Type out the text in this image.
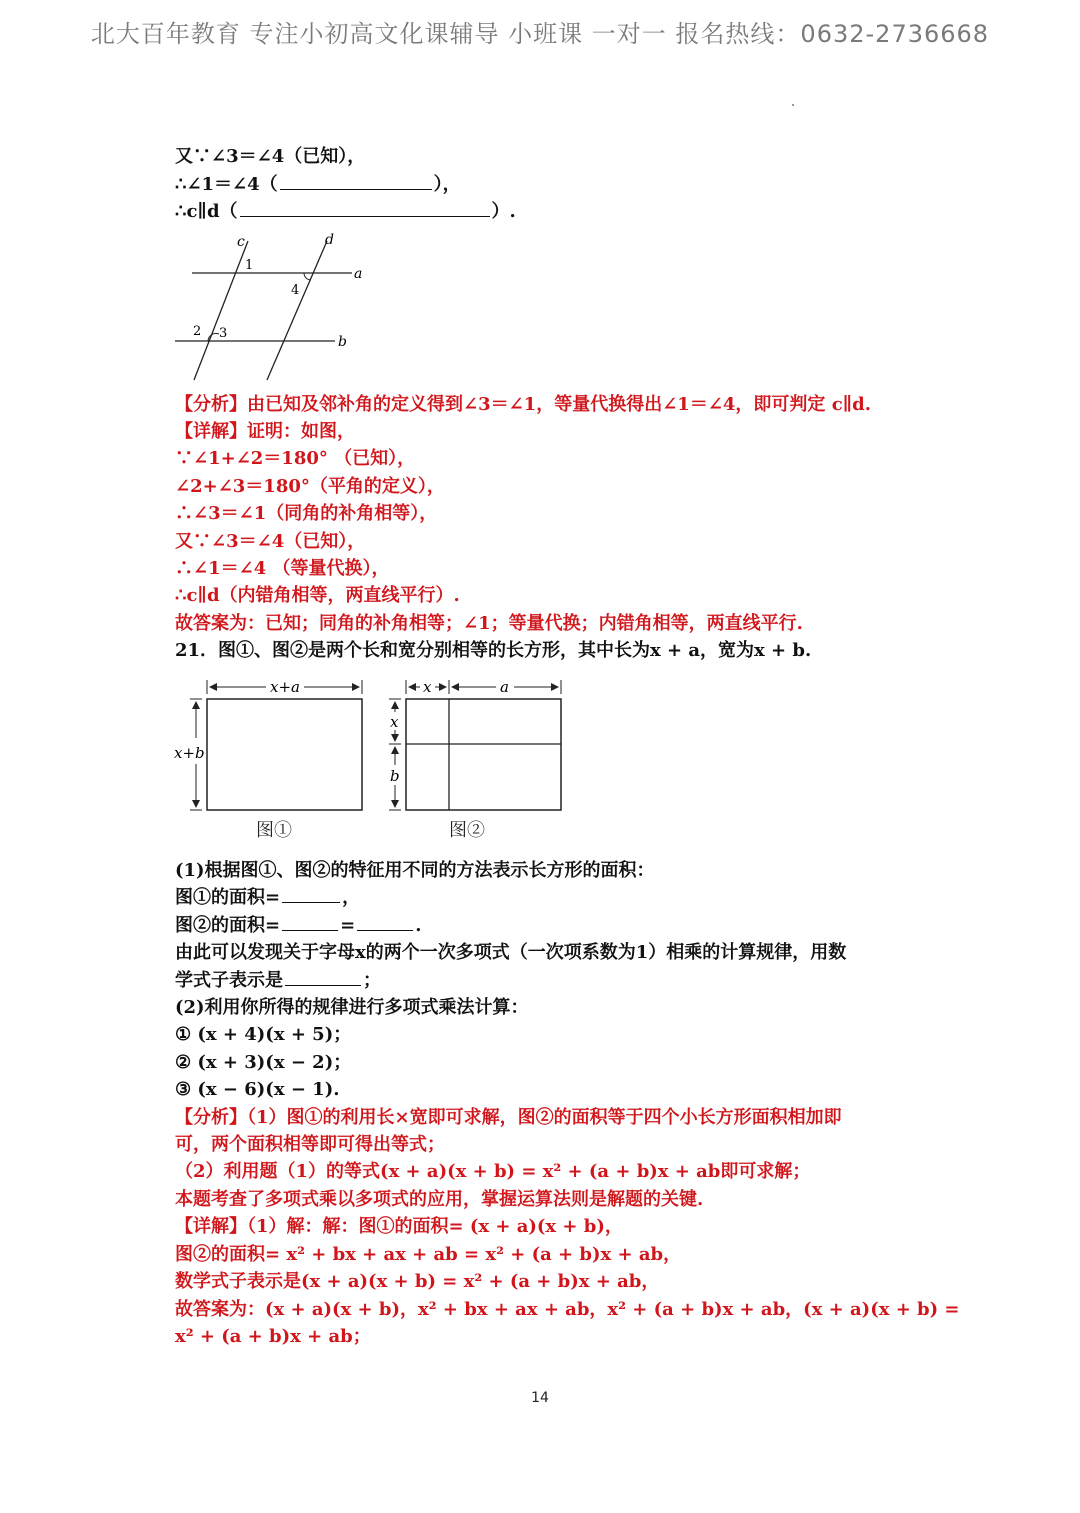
北大百年教育 专注小初高文化课辅导 小班课 一对一 报名热线：0632-2736668
又∵∠3＝∠4（已知），
∴∠1＝∠4（	），
∴c∥d（	）.
c	d
a
b
1
4
2 3
【分析】由已知及邻补角的定义得到∠3＝∠1，等量代换得出∠1＝∠4，即可判定 c∥d.
【详解】证明：如图，
∵∠1+∠2＝180° （已知），
∠2+∠3＝180°（平角的定义），
∴∠3＝∠1（同角的补角相等），
又∵∠3＝∠4（已知），
∴∠1＝∠4 （等量代换），
∴c∥d（内错角相等，两直线平行）.
故答案为：已知；同角的补角相等；∠1；等量代换；内错角相等，两直线平行.
21．图①、图②是两个长和宽分别相等的长方形，其中长为x + a，宽为x + b.
x+a
x+b
x	a
x
b
图①	图②
(1)根据图①、图②的特征用不同的方法表示长方形的面积：
图①的面积=	，
图②的面积=	=	.
由此可以发现关于字母x的两个一次多项式（一次项系数为1）相乘的计算规律，用数
学式子表示是	；
(2)利用你所得的规律进行多项式乘法计算：
① (x + 4)(x + 5)；
② (x + 3)(x − 2)；
③ (x − 6)(x − 1).
【分析】（1）图①的利用长×宽即可求解，图②的面积等于四个小长方形面积相加即
可，两个面积相等即可得出等式；
（2）利用题（1）的等式(x + a)(x + b) = x² + (a + b)x + ab即可求解；
本题考查了多项式乘以多项式的应用，掌握运算法则是解题的关键.
【详解】（1）解：解：图①的面积= (x + a)(x + b)，
图②的面积= x² + bx + ax + ab = x² + (a + b)x + ab，
数学式子表示是(x + a)(x + b) = x² + (a + b)x + ab，
故答案为：(x + a)(x + b)，x² + bx + ax + ab，x² + (a + b)x + ab，(x + a)(x + b) =
x² + (a + b)x + ab；
14
